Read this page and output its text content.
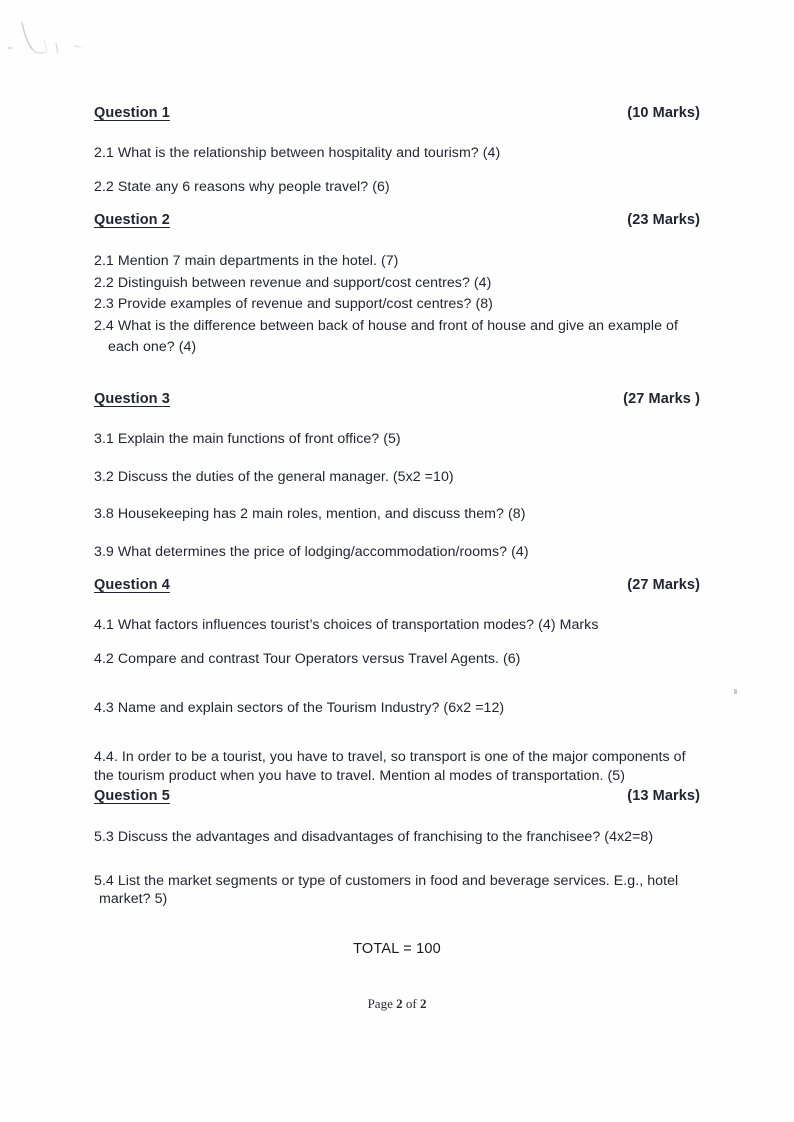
Question 1	(10 Marks)
2.1 What is the relationship between hospitality and tourism? (4)
2.2 State any 6 reasons why people travel? (6)
Question 2	(23 Marks)
2.1 Mention 7 main departments in the hotel. (7)
2.2 Distinguish between revenue and support/cost centres? (4)
2.3 Provide examples of revenue and support/cost centres? (8)
2.4 What is the difference between back of house and front of house and give an example of each one? (4)
Question 3	(27 Marks )
3.1 Explain the main functions of front office? (5)
3.2 Discuss the duties of the general manager. (5x2 =10)
3.8 Housekeeping has 2 main roles, mention, and discuss them? (8)
3.9 What determines the price of lodging/accommodation/rooms? (4)
Question 4	(27 Marks)
4.1 What factors influences tourist’s choices of transportation modes? (4) Marks
4.2 Compare and contrast Tour Operators versus Travel Agents. (6)
4.3 Name and explain sectors of the Tourism Industry? (6x2 =12)
4.4. In order to be a tourist, you have to travel, so transport is one of the major components of the tourism product when you have to travel. Mention al modes of transportation. (5)
Question 5	(13 Marks)
5.3 Discuss the advantages and disadvantages of franchising to the franchisee? (4x2=8)
5.4 List the market segments or type of customers in food and beverage services. E.g., hotel market? 5)
TOTAL = 100
Page 2 of 2
